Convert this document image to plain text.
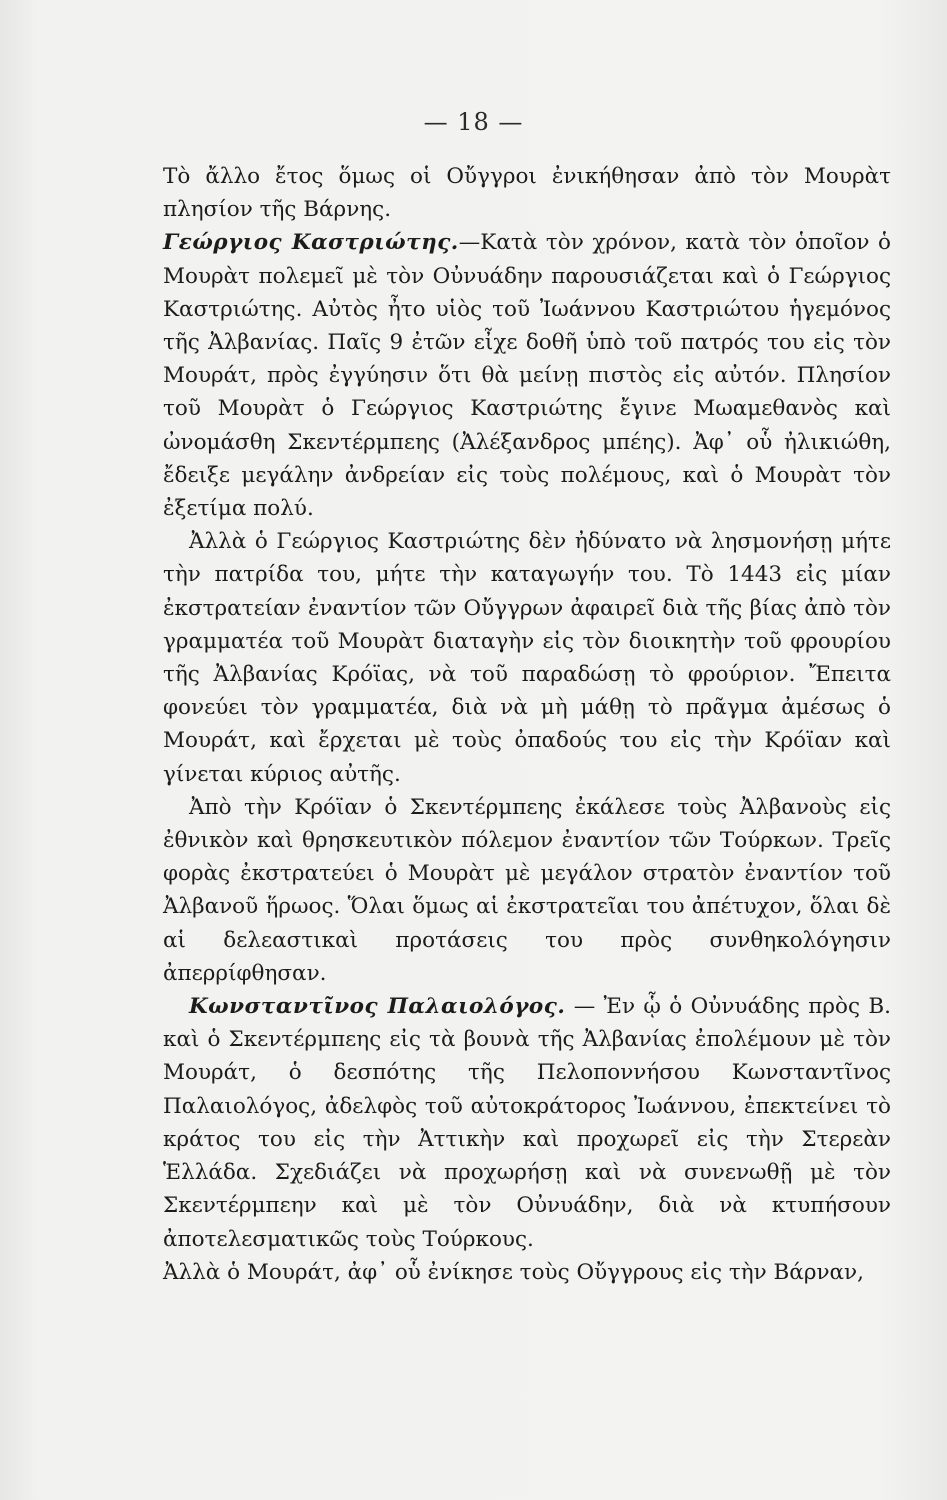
— 18 —

Τὸ ἄλλο ἔτος ὅμως οἱ Οὔγγροι ἐνικήθησαν ἀπὸ τὸν Μουρὰτ πλησίον τῆς Βάρνης.

Γεώργιος Καστριώτης.—Κατὰ τὸν χρόνον, κατὰ τὸν ὁποῖον ὁ Μουρὰτ πολεμεῖ μὲ τὸν Οὐνυάδην παρουσιάζεται καὶ ὁ Γεώργιος Καστριώτης. Αὐτὸς ἦτο υἱὸς τοῦ Ἰωάννου Καστριώτου ἡγεμόνος τῆς Ἀλβανίας. Παῖς 9 ἐτῶν εἶχε δοθῆ ὑπὸ τοῦ πατρός του εἰς τὸν Μουράτ, πρὸς ἐγγύησιν ὅτι θὰ μείνῃ πιστὸς εἰς αὐτόν. Πλησίον τοῦ Μουρὰτ ὁ Γεώργιος Καστριώτης ἔγινε Μωαμεθανὸς καὶ ὠνομάσθη Σκεντέρμπεης (Ἀλέξανδρος μπέης). Ἀφ᾽ οὗ ἠλικιώθη, ἔδειξε μεγάλην ἀνδρείαν εἰς τοὺς πολέμους, καὶ ὁ Μουρὰτ τὸν ἐξετίμα πολύ.

Ἀλλὰ ὁ Γεώργιος Καστριώτης δὲν ἠδύνατο νὰ λησμονήσῃ μήτε τὴν πατρίδα του, μήτε τὴν καταγωγήν του. Τὸ 1443 εἰς μίαν ἐκστρατείαν ἐναντίον τῶν Οὔγγρων ἀφαιρεῖ διὰ τῆς βίας ἀπὸ τὸν γραμματέα τοῦ Μουρὰτ διαταγὴν εἰς τὸν διοικητὴν τοῦ φρουρίου τῆς Ἀλβανίας Κρόϊας, νὰ τοῦ παραδώσῃ τὸ φρούριον. Ἔπειτα φονεύει τὸν γραμματέα, διὰ νὰ μὴ μάθῃ τὸ πρᾶγμα ἀμέσως ὁ Μουράτ, καὶ ἔρχεται μὲ τοὺς ὀπαδούς του εἰς τὴν Κρόϊαν καὶ γίνεται κύριος αὐτῆς.

Ἀπὸ τὴν Κρόϊαν ὁ Σκεντέρμπεης ἐκάλεσε τοὺς Ἀλβανοὺς εἰς ἐθνικὸν καὶ θρησκευτικὸν πόλεμον ἐναντίον τῶν Τούρκων. Τρεῖς φορὰς ἐκστρατεύει ὁ Μουρὰτ μὲ μεγάλον στρατὸν ἐναντίον τοῦ Ἀλβανοῦ ἥρωος. Ὅλαι ὅμως αἱ ἐκστρατεῖαι του ἀπέτυχον, ὅλαι δὲ αἱ δελεαστικαὶ προτάσεις του πρὸς συνθηκολόγησιν ἀπερρίφθησαν.

Κωνσταντῖνος Παλαιολόγος. — Ἐν ᾧ ὁ Οὐνυάδης πρὸς Β. καὶ ὁ Σκεντέρμπεης εἰς τὰ βουνὰ τῆς Ἀλβανίας ἐπολέμουν μὲ τὸν Μουράτ, ὁ δεσπότης τῆς Πελοποννήσου Κωνσταντῖνος Παλαιολόγος, ἀδελφὸς τοῦ αὐτοκράτορος Ἰωάννου, ἐπεκτείνει τὸ κράτος του εἰς τὴν Ἀττικὴν καὶ προχωρεῖ εἰς τὴν Στερεὰν Ἑλλάδα. Σχεδιάζει νὰ προχωρήσῃ καὶ νὰ συνενωθῇ μὲ τὸν Σκεντέρμπεην καὶ μὲ τὸν Οὐνυάδην, διὰ νὰ κτυπήσουν ἀποτελεσματικῶς τοὺς Τούρκους.

Ἀλλὰ ὁ Μουράτ, ἀφ᾽ οὗ ἐνίκησε τοὺς Οὔγγρους εἰς τὴν Βάρναν,
